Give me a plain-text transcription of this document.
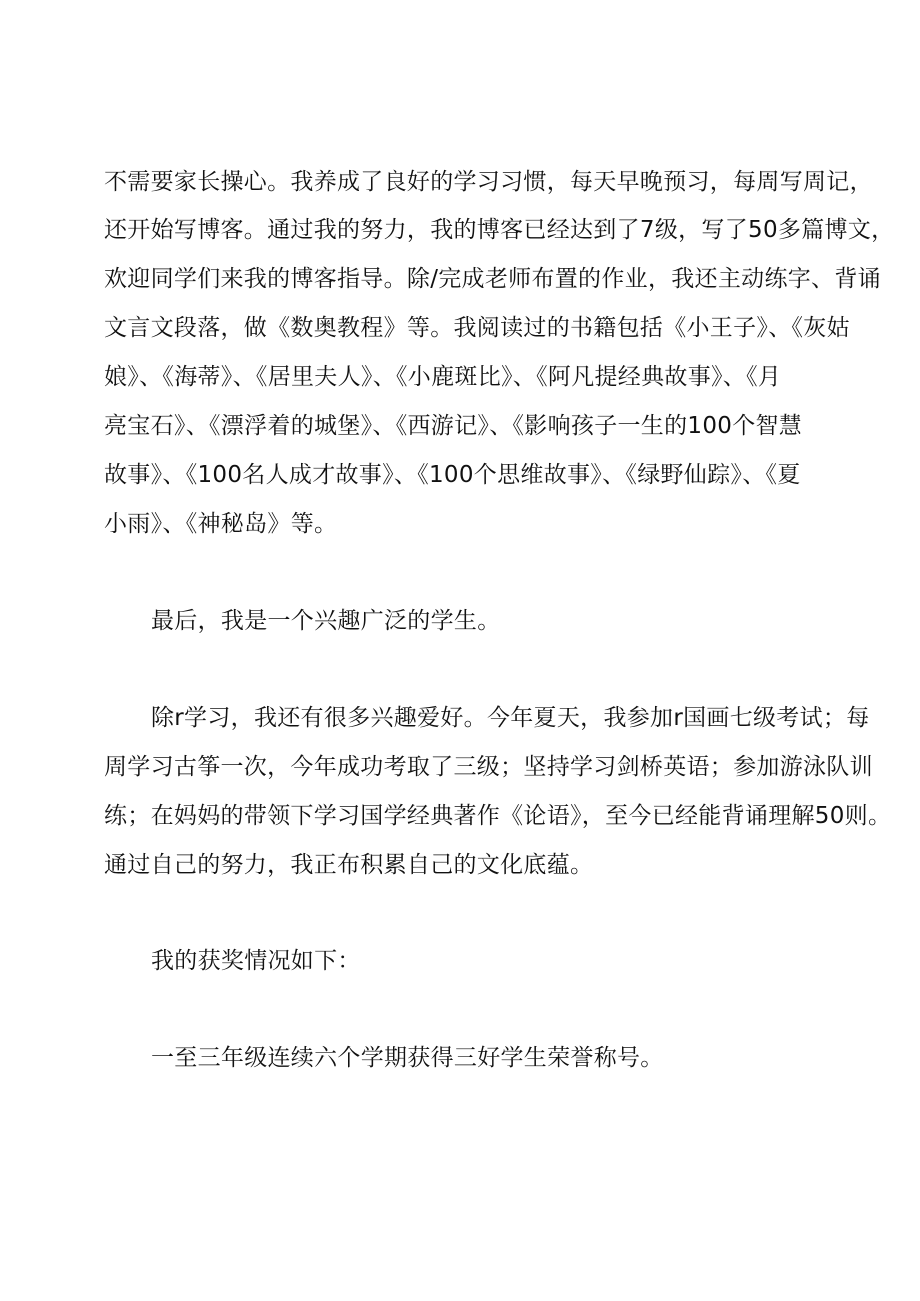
不需要家长操心。我养成了良好的学习习惯，每天早晚预习，每周写周记，
还开始写博客。通过我的努力，我的博客已经达到了7级，写了50多篇博文，
欢迎同学们来我的博客指导。除/完成老师布置的作业，我还主动练字、背诵
文言文段落，做《数奥教程》等。我阅读过的书籍包括《小王子》、《灰姑
娘》、《海蒂》、《居里夫人》、《小鹿斑比》、《阿凡提经典故事》、《月
亮宝石》、《漂浮着的城堡》、《西游记》、《影响孩子一生的100个智慧
故事》、《100名人成才故事》、《100个思维故事》、《绿野仙踪》、《夏
小雨》、《神秘岛》等。
最后，我是一个兴趣广泛的学生。
除r学习，我还有很多兴趣爱好。今年夏天，我参加r国画七级考试；每
周学习古筝一次，今年成功考取了三级；坚持学习剑桥英语；参加游泳队训
练；在妈妈的带领下学习国学经典著作《论语》，至今已经能背诵理解50则。
通过自己的努力，我正布积累自己的文化底蕴。
我的获奖情况如下：
一至三年级连续六个学期获得三好学生荣誉称号。
